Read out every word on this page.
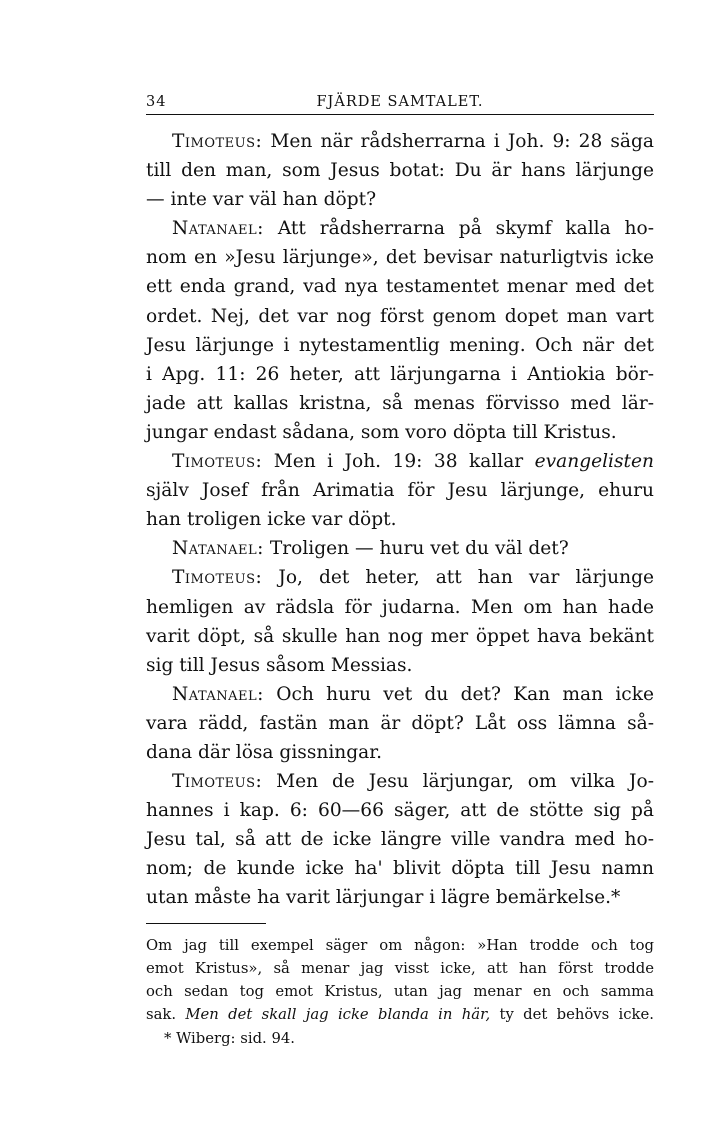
34	FJÄRDE SAMTALET.
Timoteus: Men när rådsherrarna i Joh. 9: 28 säga
till den man, som Jesus botat: Du är hans lärjunge
— inte var väl han döpt?
Natanael: Att rådsherrarna på skymf kalla ho-
nom en »Jesu lärjunge», det bevisar naturligtvis icke
ett enda grand, vad nya testamentet menar med det
ordet. Nej, det var nog först genom dopet man vart
Jesu lärjunge i nytestamentlig mening. Och när det
i Apg. 11: 26 heter, att lärjungarna i Antiokia bör-
jade att kallas kristna, så menas förvisso med lär-
jungar endast sådana, som voro döpta till Kristus.
Timoteus: Men i Joh. 19: 38 kallar evangelisten
själv Josef från Arimatia för Jesu lärjunge, ehuru
han troligen icke var döpt.
Natanael: Troligen — huru vet du väl det?
Timoteus: Jo, det heter, att han var lärjunge
hemligen av rädsla för judarna. Men om han hade
varit döpt, så skulle han nog mer öppet hava bekänt
sig till Jesus såsom Messias.
Natanael: Och huru vet du det? Kan man icke
vara rädd, fastän man är döpt? Låt oss lämna så-
dana där lösa gissningar.
Timoteus: Men de Jesu lärjungar, om vilka Jo-
hannes i kap. 6: 60—66 säger, att de stötte sig på
Jesu tal, så att de icke längre ville vandra med ho-
nom; de kunde icke ha' blivit döpta till Jesu namn
utan måste ha varit lärjungar i lägre bemärkelse.*
Om jag till exempel säger om någon: »Han trodde och tog
emot Kristus», så menar jag visst icke, att han först trodde
och sedan tog emot Kristus, utan jag menar en och samma
sak. Men det skall jag icke blanda in här, ty det behövs icke.
* Wiberg: sid. 94.
